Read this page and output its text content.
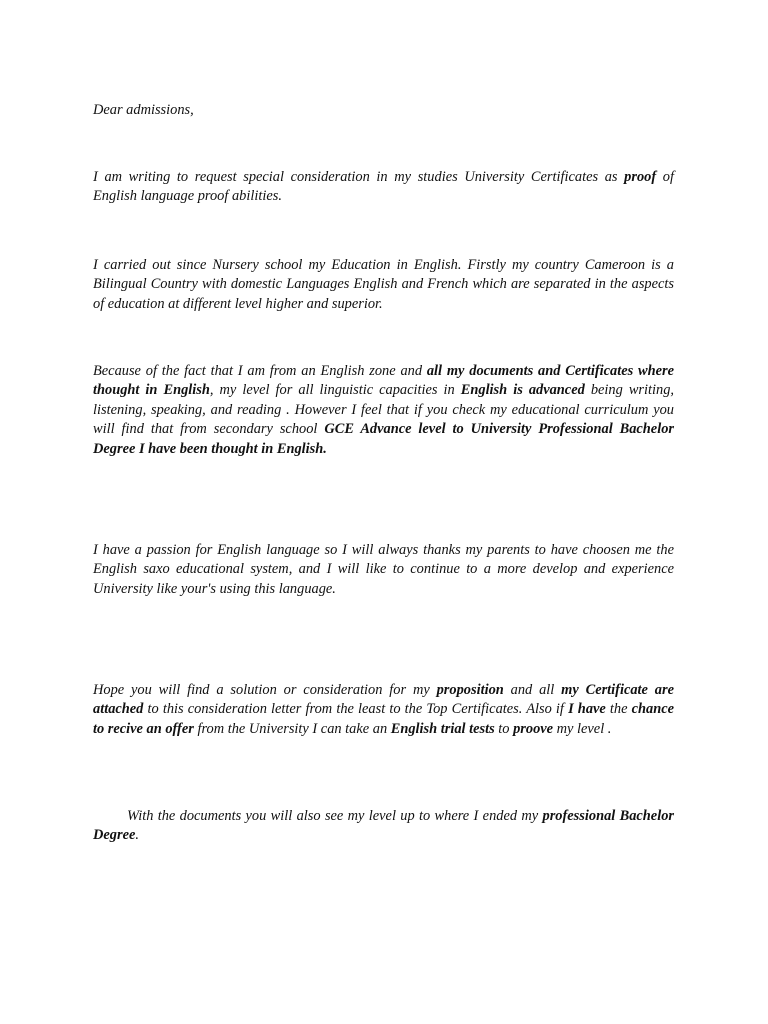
Dear admissions,

I am writing to request special consideration in my studies University Certificates as proof of English language proof abilities.

I carried out since Nursery school my Education in English. Firstly my country Cameroon is a Bilingual Country with domestic Languages English and French which are separated in the aspects of education at different level higher and superior.

Because of the fact that I am from an English zone and all my documents and Certificates where thought in English, my level for all linguistic capacities in English is advanced being writing, listening, speaking, and reading . However I feel that if you check my educational curriculum you will find that from secondary school GCE Advance level to University Professional Bachelor Degree I have been thought in English.

I have a passion for English language so I will always thanks my parents to have choosen me the English saxo educational system, and I will like to continue to a more develop and experience University like your's using this language.

Hope you will find a solution or consideration for my proposition and all my Certificate are attached to this consideration letter from the least to the Top Certificates. Also if I have the chance to recive an offer from the University I can take an English trial tests to proove my level .

With the documents you will also see my level up to where I ended my professional Bachelor Degree.
